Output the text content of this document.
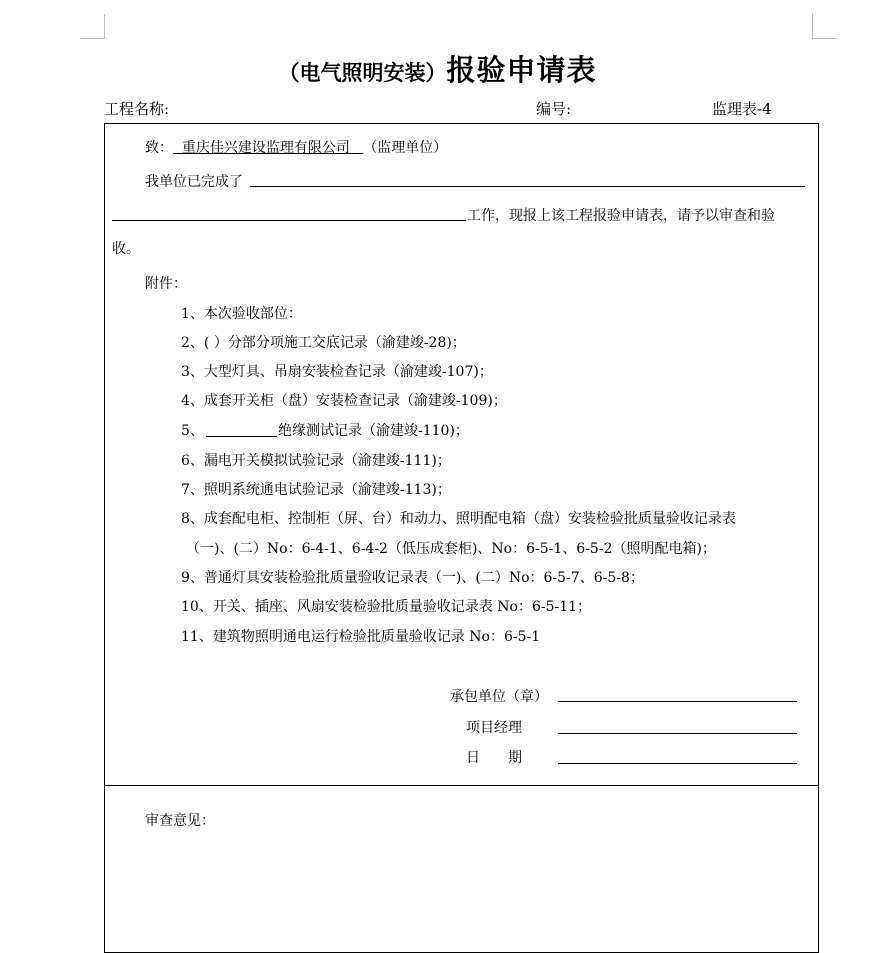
（电气照明安装）报验申请表
工程名称:	编号:	监理表-4
致： 重庆佳兴建设监理有限公司 （监理单位）
我单位已完成了
工作，现报上该工程报验申请表，请予以审查和验
收。
附件：
1、本次验收部位：
2、( ）分部分项施工交底记录（渝建竣-28)；
3、大型灯具、吊扇安装检查记录（渝建竣-107)；
4、成套开关柜（盘）安装检查记录（渝建竣-109)；
5、	绝缘测试记录（渝建竣-110)；
6、漏电开关模拟试验记录（渝建竣-111)；
7、照明系统通电试验记录（渝建竣-113)；
8、成套配电柜、控制柜（屏、台）和动力、照明配电箱（盘）安装检验批质量验收记录表
（一)、(二）No：6-4-1、6-4-2（低压成套柜)、No：6-5-1、6-5-2（照明配电箱)；
9、普通灯具安装检验批质量验收记录表（一)、(二）No：6-5-7、6-5-8；
10、开关、插座、风扇安装检验批质量验收记录表 No：6-5-11；
11、建筑物照明通电运行检验批质量验收记录 No：6-5-1
承包单位（章）
项目经理
日　　期
审查意见：
